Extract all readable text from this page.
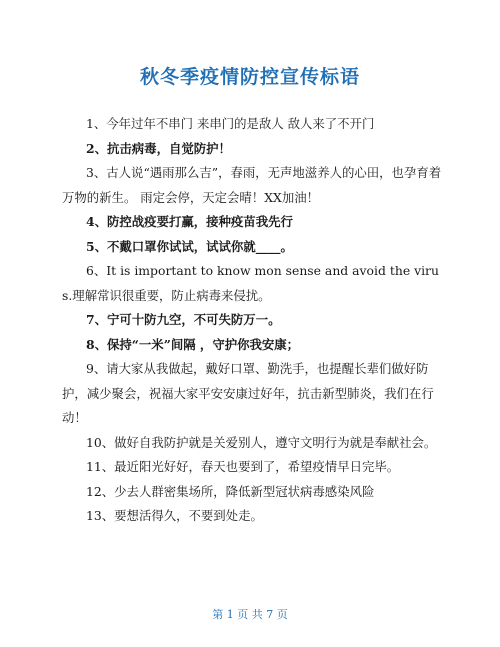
秋冬季疫情防控宣传标语

1、今年过年不串门 来串门的是敌人 敌人来了不开门

2、抗击病毒，自觉防护！

3、古人说“遇雨那么吉”，春雨，无声地滋养人的心田，也孕育着万物的新生。 雨定会停，天定会晴！XX加油！

4、防控战疫要打赢，接种疫苗我先行

5、不戴口罩你试试，试试你就____。

6、It is important to know mon sense and avoid the virus.理解常识很重要，防止病毒来侵扰。

7、宁可十防九空，不可失防万一。

8、保持“一米”间隔 ，守护你我安康；

9、请大家从我做起，戴好口罩、勤洗手，也提醒长辈们做好防护，减少聚会，祝福大家平安安康过好年，抗击新型肺炎，我们在行动！

10、做好自我防护就是关爱别人，遵守文明行为就是奉献社会。

11、最近阳光好好，春天也要到了，希望疫情早日完毕。

12、少去人群密集场所，降低新型冠状病毒感染风险

13、要想活得久，不要到处走。

第 1 页 共 7 页
